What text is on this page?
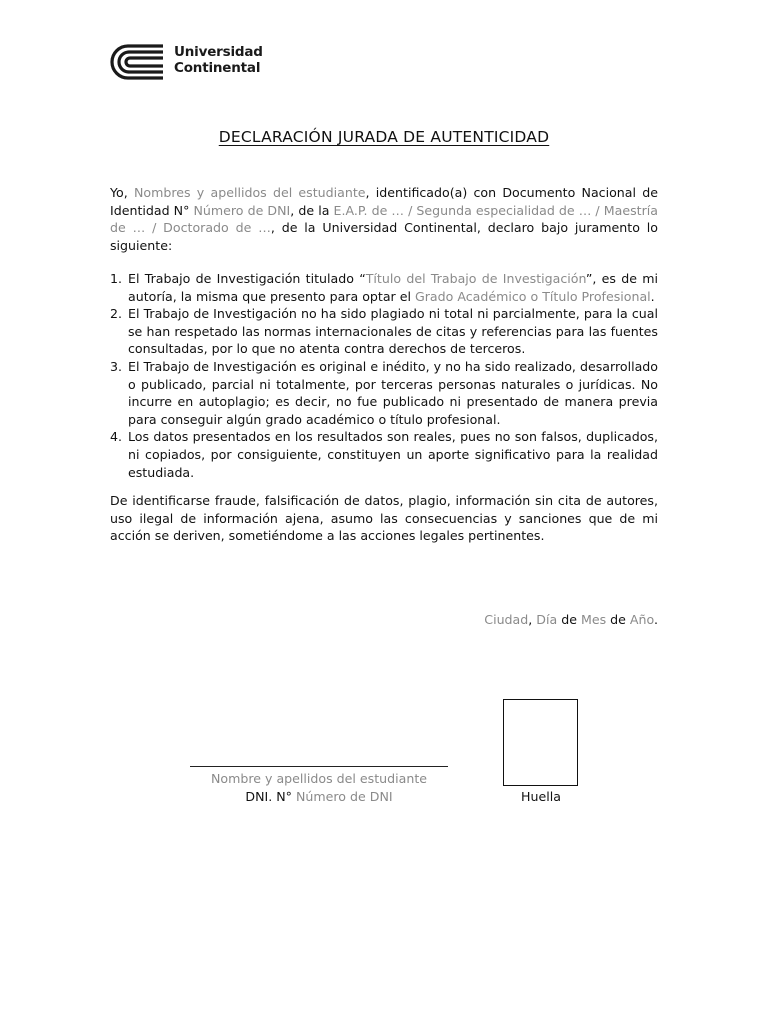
Universidad
Continental
DECLARACIÓN JURADA DE AUTENTICIDAD
Yo, Nombres y apellidos del estudiante, identificado(a) con Documento Nacional de Identidad N° Número de DNI, de la E.A.P. de … / Segunda especialidad de … / Maestría de … / Doctorado de …, de la Universidad Continental, declaro bajo juramento lo siguiente:
1. El Trabajo de Investigación titulado “Título del Trabajo de Investigación”, es de mi autoría, la misma que presento para optar el Grado Académico o Título Profesional.
2. El Trabajo de Investigación no ha sido plagiado ni total ni parcialmente, para la cual se han respetado las normas internacionales de citas y referencias para las fuentes consultadas, por lo que no atenta contra derechos de terceros.
3. El Trabajo de Investigación es original e inédito, y no ha sido realizado, desarrollado o publicado, parcial ni totalmente, por terceras personas naturales o jurídicas. No incurre en autoplagio; es decir, no fue publicado ni presentado de manera previa para conseguir algún grado académico o título profesional.
4. Los datos presentados en los resultados son reales, pues no son falsos, duplicados, ni copiados, por consiguiente, constituyen un aporte significativo para la realidad estudiada.
De identificarse fraude, falsificación de datos, plagio, información sin cita de autores, uso ilegal de información ajena, asumo las consecuencias y sanciones que de mi acción se deriven, sometiéndome a las acciones legales pertinentes.
Ciudad, Día de Mes de Año.
Nombre y apellidos del estudiante
DNI. N° Número de DNI	Huella
